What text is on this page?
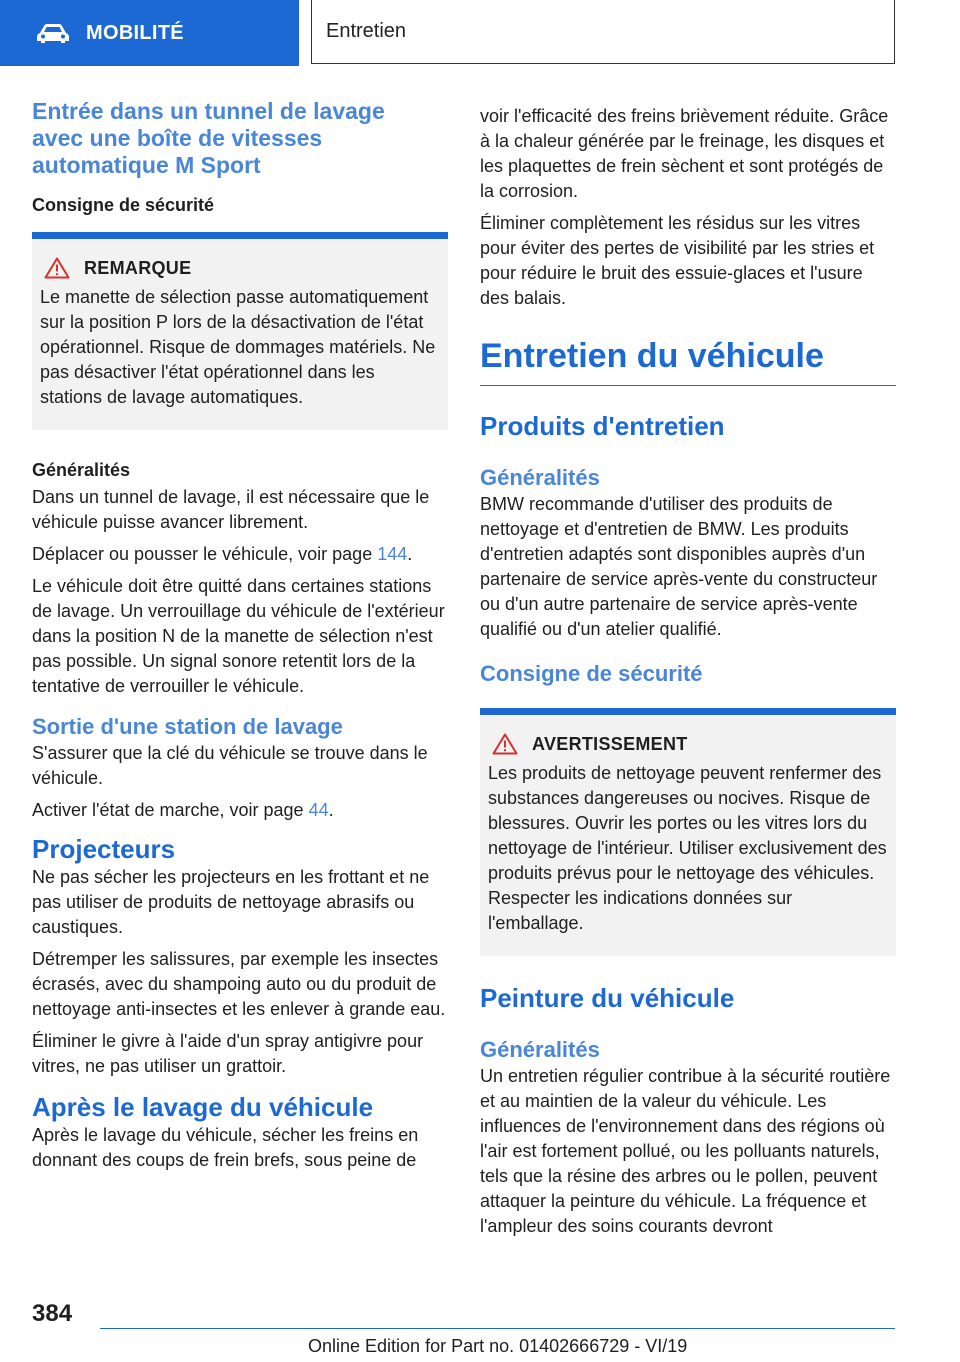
MOBILITÉ	Entretien
Entrée dans un tunnel de lavage avec une boîte de vitesses automatique M Sport
Consigne de sécurité
REMARQUE

Le manette de sélection passe automatiquement sur la position P lors de la désactivation de l'état opérationnel. Risque de dommages matériels. Ne pas désactiver l'état opérationnel dans les stations de lavage automatiques.

Généralités

Dans un tunnel de lavage, il est nécessaire que le véhicule puisse avancer librement.

Déplacer ou pousser le véhicule, voir page 144.

Le véhicule doit être quitté dans certaines stations de lavage. Un verrouillage du véhicule de l'extérieur dans la position N de la manette de sélection n'est pas possible. Un signal sonore retentit lors de la tentative de verrouiller le véhicule.

Sortie d'une station de lavage

S'assurer que la clé du véhicule se trouve dans le véhicule.

Activer l'état de marche, voir page 44.

Projecteurs

Ne pas sécher les projecteurs en les frottant et ne pas utiliser de produits de nettoyage abrasifs ou caustiques.

Détremper les salissures, par exemple les insectes écrasés, avec du shampoing auto ou du produit de nettoyage anti-insectes et les enlever à grande eau.

Éliminer le givre à l'aide d'un spray antigivre pour vitres, ne pas utiliser un grattoir.

Après le lavage du véhicule

Après le lavage du véhicule, sécher les freins en donnant des coups de frein brefs, sous peine de

voir l'efficacité des freins brièvement réduite. Grâce à la chaleur générée par le freinage, les disques et les plaquettes de frein sèchent et sont protégés de la corrosion.

Éliminer complètement les résidus sur les vitres pour éviter des pertes de visibilité par les stries et pour réduire le bruit des essuie-glaces et l'usure des balais.

Entretien du véhicule
Produits d'entretien
Généralités

BMW recommande d'utiliser des produits de nettoyage et d'entretien de BMW. Les produits d'entretien adaptés sont disponibles auprès d'un partenaire de service après-vente du constructeur ou d'un autre partenaire de service après-vente qualifié ou d'un atelier qualifié.

Consigne de sécurité
AVERTISSEMENT

Les produits de nettoyage peuvent renfermer des substances dangereuses ou nocives. Risque de blessures. Ouvrir les portes ou les vitres lors du nettoyage de l'intérieur. Utiliser exclusivement des produits prévus pour le nettoyage des véhicules. Respecter les indications données sur l'emballage.

Peinture du véhicule
Généralités

Un entretien régulier contribue à la sécurité routière et au maintien de la valeur du véhicule. Les influences de l'environnement dans des régions où l'air est fortement pollué, ou les polluants naturels, tels que la résine des arbres ou le pollen, peuvent attaquer la peinture du véhicule. La fréquence et l'ampleur des soins courants devront

384
Online Edition for Part no. 01402666729 - VI/19
